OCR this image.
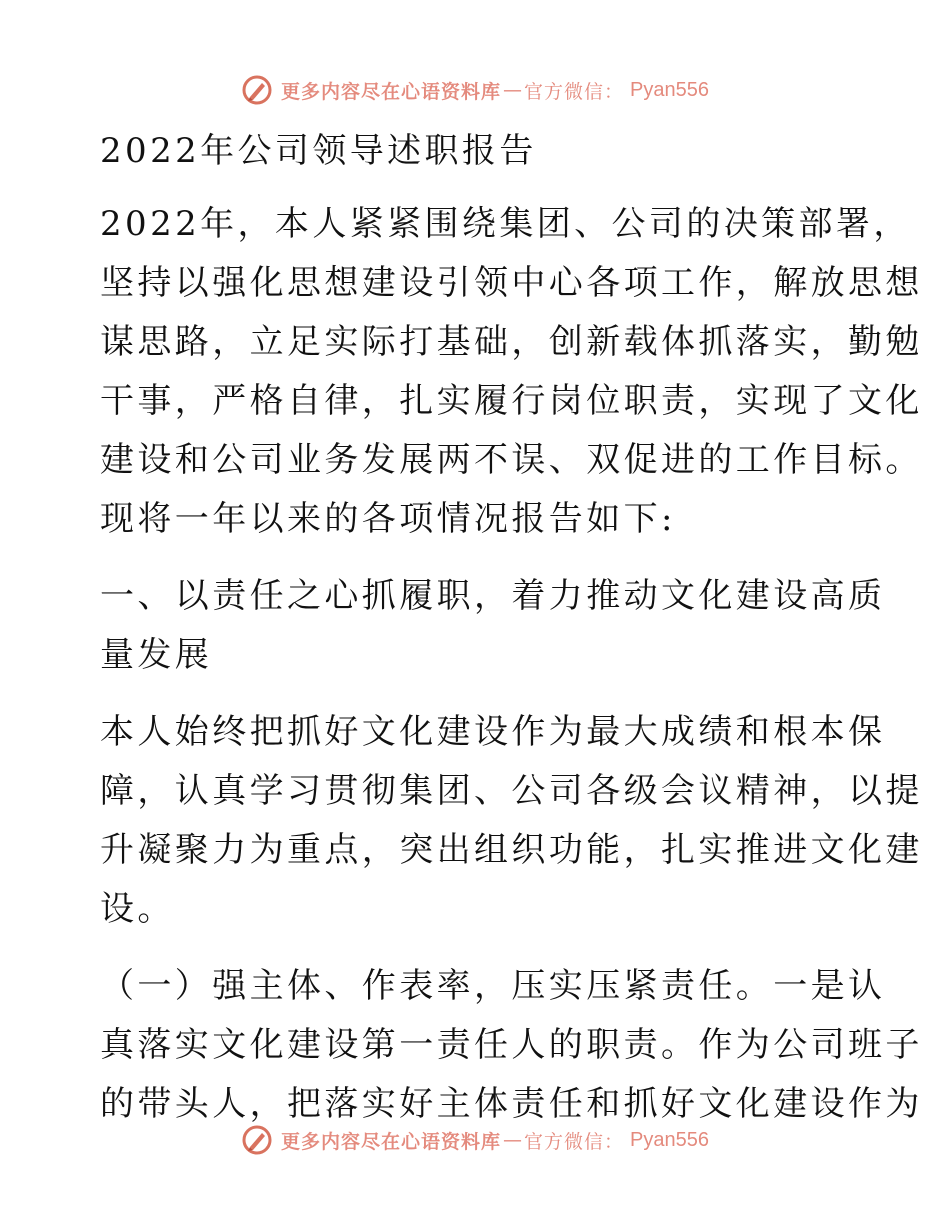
更多内容尽在心语资料库 — 官方微信： Pyan556
2022年公司领导述职报告
2022年，本人紧紧围绕集团、公司的决策部署，
坚持以强化思想建设引领中心各项工作，解放思想
谋思路，立足实际打基础，创新载体抓落实，勤勉
干事，严格自律，扎实履行岗位职责，实现了文化
建设和公司业务发展两不误、双促进的工作目标。
现将一年以来的各项情况报告如下:
一、以责任之心抓履职，着力推动文化建设高质
量发展
本人始终把抓好文化建设作为最大成绩和根本保
障，认真学习贯彻集团、公司各级会议精神，以提
升凝聚力为重点，突出组织功能，扎实推进文化建
设。
（一）强主体、作表率，压实压紧责任。一是认
真落实文化建设第一责任人的职责。作为公司班子
的带头人，把落实好主体责任和抓好文化建设作为
更多内容尽在心语资料库 — 官方微信： Pyan556
